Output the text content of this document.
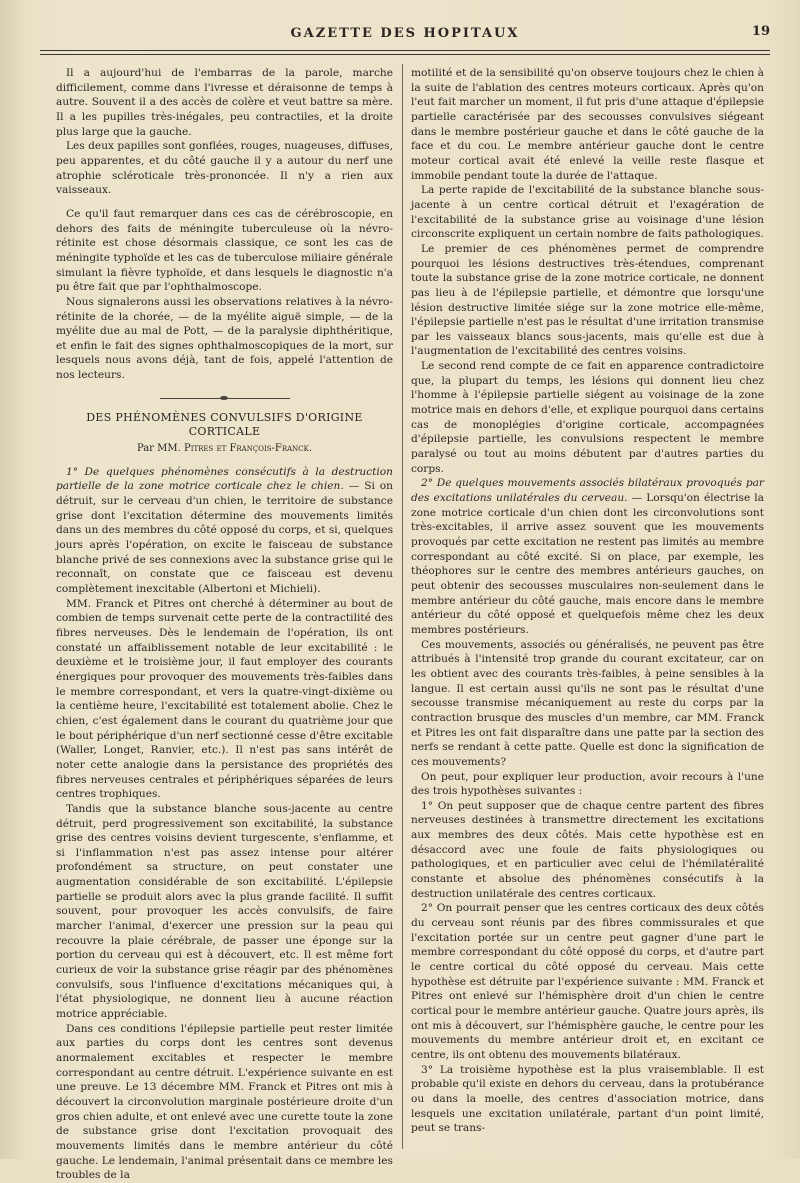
GAZETTE DES HOPITAUX	19

Il a aujourd'hui de l'embarras de la parole, marche difficilement, comme dans l'ivresse et déraisonne de temps à autre. Souvent il a des accès de colère et veut battre sa mère. Il a les pupilles très-inégales, peu contractiles, et la droite plus large que la gauche.

Les deux papilles sont gonflées, rouges, nuageuses, diffuses, peu apparentes, et du côté gauche il y a autour du nerf une atrophie scléroticale très-prononcée. Il n'y a rien aux vaisseaux.

Ce qu'il faut remarquer dans ces cas de cérébroscopie, en dehors des faits de méningite tuberculeuse où la névro-rétinite est chose désormais classique, ce sont les cas de méningite typhoïde et les cas de tuberculose miliaire générale simulant la fièvre typhoïde, et dans lesquels le diagnostic n'a pu être fait que par l'ophthalmoscope.

Nous signalerons aussi les observations relatives à la névro-rétinite de la chorée, — de la myélite aiguë simple, — de la myélite due au mal de Pott, — de la paralysie diphthéritique, et enfin le fait des signes ophthalmoscopiques de la mort, sur lesquels nous avons déjà, tant de fois, appelé l'attention de nos lecteurs.

DES PHÉNOMÈNES CONVULSIFS D'ORIGINE CORTICALE

Par MM. Pitres et François-Franck.

1° De quelques phénomènes consécutifs à la destruction partielle de la zone motrice corticale chez le chien. — Si on détruit, sur le cerveau d'un chien, le territoire de substance grise dont l'excitation détermine des mouvements limités dans un des membres du côté opposé du corps, et si, quelques jours après l'opération, on excite le faisceau de substance blanche privé de ses connexions avec la substance grise qui le reconnaît, on constate que ce faisceau est devenu complètement inexcitable (Albertoni et Michieli).

MM. Franck et Pitres ont cherché à déterminer au bout de combien de temps survenait cette perte de la contractilité des fibres nerveuses. Dès le lendemain de l'opération, ils ont constaté un affaiblissement notable de leur excitabilité : le deuxième et le troisième jour, il faut employer des courants énergiques pour provoquer des mouvements très-faibles dans le membre correspondant, et vers la quatre-vingt-dixième ou la centième heure, l'excitabilité est totalement abolie. Chez le chien, c'est également dans le courant du quatrième jour que le bout périphérique d'un nerf sectionné cesse d'être excitable (Waller, Longet, Ranvier, etc.). Il n'est pas sans intérêt de noter cette analogie dans la persistance des propriétés des fibres nerveuses centrales et périphériques séparées de leurs centres trophiques.

Tandis que la substance blanche sous-jacente au centre détruit, perd progressivement son excitabilité, la substance grise des centres voisins devient turgescente, s'enflamme, et si l'inflammation n'est pas assez intense pour altérer profondément sa structure, on peut constater une augmentation considérable de son excitabilité. L'épilepsie partielle se produit alors avec la plus grande facilité. Il suffit souvent, pour provoquer les accès convulsifs, de faire marcher l'animal, d'exercer une pression sur la peau qui recouvre la plaie cérébrale, de passer une éponge sur la portion du cerveau qui est à découvert, etc. Il est même fort curieux de voir la substance grise réagir par des phénomènes convulsifs, sous l'influence d'excitations mécaniques qui, à l'état physiologique, ne donnent lieu à aucune réaction motrice appréciable.

Dans ces conditions l'épilepsie partielle peut rester limitée aux parties du corps dont les centres sont devenus anormalement excitables et respecter le membre correspondant au centre détruit. L'expérience suivante en est une preuve. Le 13 décembre MM. Franck et Pitres ont mis à découvert la circonvolution marginale postérieure droite d'un gros chien adulte, et ont enlevé avec une curette toute la zone de substance grise dont l'excitation provoquait des mouvements limités dans le membre antérieur du côté gauche. Le lendemain, l'animal présentait dans ce membre les troubles de la

motilité et de la sensibilité qu'on observe toujours chez le chien à la suite de l'ablation des centres moteurs corticaux. Après qu'on l'eut fait marcher un moment, il fut pris d'une attaque d'épilepsie partielle caractérisée par des secousses convulsives siégeant dans le membre postérieur gauche et dans le côté gauche de la face et du cou. Le membre antérieur gauche dont le centre moteur cortical avait été enlevé la veille reste flasque et immobile pendant toute la durée de l'attaque.

La perte rapide de l'excitabilité de la substance blanche sous-jacente à un centre cortical détruit et l'exagération de l'excitabilité de la substance grise au voisinage d'une lésion circonscrite expliquent un certain nombre de faits pathologiques.

Le premier de ces phénomènes permet de comprendre pourquoi les lésions destructives très-étendues, comprenant toute la substance grise de la zone motrice corticale, ne donnent pas lieu à de l'épilepsie partielle, et démontre que lorsqu'une lésion destructive limitée siége sur la zone motrice elle-même, l'épilepsie partielle n'est pas le résultat d'une irritation transmise par les vaisseaux blancs sous-jacents, mais qu'elle est due à l'augmentation de l'excitabilité des centres voisins.

Le second rend compte de ce fait en apparence contradictoire que, la plupart du temps, les lésions qui donnent lieu chez l'homme à l'épilepsie partielle siégent au voisinage de la zone motrice mais en dehors d'elle, et explique pourquoi dans certains cas de monoplégies d'origine corticale, accompagnées d'épilepsie partielle, les convulsions respectent le membre paralysé ou tout au moins débutent par d'autres parties du corps.

2° De quelques mouvements associés bilatéraux provoqués par des excitations unilatérales du cerveau. — Lorsqu'on électrise la zone motrice corticale d'un chien dont les circonvolutions sont très-excitables, il arrive assez souvent que les mouvements provoqués par cette excitation ne restent pas limités au membre correspondant au côté excité. Si on place, par exemple, les théophores sur le centre des membres antérieurs gauches, on peut obtenir des secousses musculaires non-seulement dans le membre antérieur du côté gauche, mais encore dans le membre antérieur du côté opposé et quelquefois même chez les deux membres postérieurs.

Ces mouvements, associés ou généralisés, ne peuvent pas être attribués à l'intensité trop grande du courant excitateur, car on les obtient avec des courants très-faibles, à peine sensibles à la langue. Il est certain aussi qu'ils ne sont pas le résultat d'une secousse transmise mécaniquement au reste du corps par la contraction brusque des muscles d'un membre, car MM. Franck et Pitres les ont fait disparaître dans une patte par la section des nerfs se rendant à cette patte. Quelle est donc la signification de ces mouvements?

On peut, pour expliquer leur production, avoir recours à l'une des trois hypothèses suivantes :

1° On peut supposer que de chaque centre partent des fibres nerveuses destinées à transmettre directement les excitations aux membres des deux côtés. Mais cette hypothèse est en désaccord avec une foule de faits physiologiques ou pathologiques, et en particulier avec celui de l'hémilatéralité constante et absolue des phénomènes consécutifs à la destruction unilatérale des centres corticaux.

2° On pourrait penser que les centres corticaux des deux côtés du cerveau sont réunis par des fibres commissurales et que l'excitation portée sur un centre peut gagner d'une part le membre correspondant du côté opposé du corps, et d'autre part le centre cortical du côté opposé du cerveau. Mais cette hypothèse est détruite par l'expérience suivante : MM. Franck et Pitres ont enlevé sur l'hémisphère droit d'un chien le centre cortical pour le membre antérieur gauche. Quatre jours après, ils ont mis à découvert, sur l'hémisphère gauche, le centre pour les mouvements du membre antérieur droit et, en excitant ce centre, ils ont obtenu des mouvements bilatéraux.

3° La troisième hypothèse est la plus vraisemblable. Il est probable qu'il existe en dehors du cerveau, dans la protubérance ou dans la moelle, des centres d'association motrice, dans lesquels une excitation unilatérale, partant d'un point limité, peut se trans-
